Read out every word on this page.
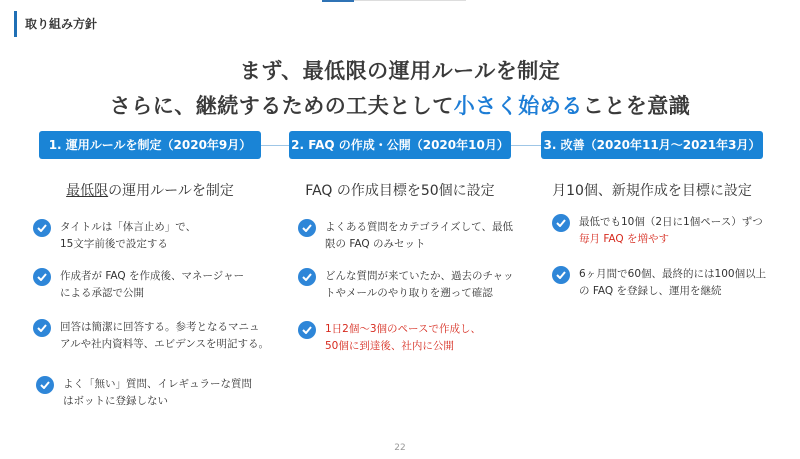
取り組み方針
まず、最低限の運用ルールを制定
さらに、継続するための工夫として小さく始めることを意識
1. 運用ルールを制定（2020年9月）	2. FAQ の作成・公開（2020年10月）	3. 改善（2020年11月～2021年3月）
最低限の運用ルールを制定
タイトルは「体言止め」で、
15文字前後で設定する
作成者が FAQ を作成後、マネージャー
による承認で公開
回答は簡潔に回答する。参考となるマニュ
アルや社内資料等、エビデンスを明記する。
よく「無い」質問、イレギュラーな質問
はボットに登録しない
FAQ の作成目標を50個に設定
よくある質問をカテゴライズして、最低
限の FAQ のみセット
どんな質問が来ていたか、過去のチャッ
トやメールのやり取りを遡って確認
1日2個～3個のペースで作成し、
50個に到達後、社内に公開
月10個、新規作成を目標に設定
最低でも10個（2日に1個ペース）ずつ
毎月 FAQ を増やす
6ヶ月間で60個、最終的には100個以上
の FAQ を登録し、運用を継続
22
